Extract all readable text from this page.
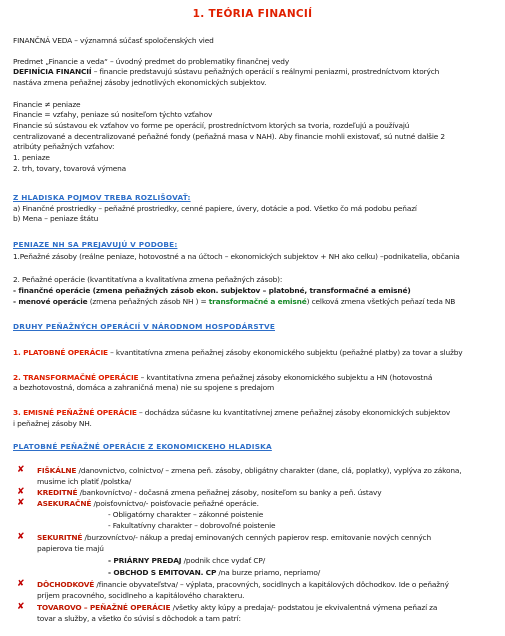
1. TEÓRIA FINANCIÍ
FINANČNÁ VEDA – významná súčasť spoločenských vied
Predmet „Financie a veda“ – úvodný predmet do problematiky finančnej vedy
DEFINÍCIA FINANCIÍ – financie predstavujú sústavu peňažných operácií s reálnymi peniazmi, prostredníctvom ktorých
nastáva zmena peňažnej zásoby jednotlivých ekonomických subjektov.
Financie ≠ peniaze
Financie = vzťahy, peniaze sú nositeľom týchto vzťahov
Financie sú sústavou ek vzťahov vo forme pe operácií, prostredníctvom ktorých sa tvoria, rozdeľujú a používajú
centralizované a decentralizované peňažné fondy (peňažná masa v NAH). Aby financie mohli existovať, sú nutné dalšie 2
atribúty peňažných vzťahov:
1. peniaze
2. trh, tovary, tovarová výmena
Z HLADISKA POJMOV TREBA ROZLIŠOVAŤ:
a) Finančné prostriedky – peňažné prostriedky, cenné papiere, úvery, dotácie a pod. Všetko čo má podobu peňazí
b) Mena – peniaze štátu
PENIAZE NH SA PREJAVUJÚ V PODOBE:
1.Peňažné zásoby (reálne peniaze, hotovostné a na účtoch – ekonomických subjektov + NH ako celku) –podnikatelia, občania
2. Peňažné operácie (kvantitatívna a kvalitatívna zmena peňažných zásob):
- finančné operácie (zmena peňažných zásob ekon. subjektov – platobné, transformačné a emisné)
- menové operácie (zmena peňažných zásob NH ) = transformačné a emisné) celková zmena všetkých peňazí teda NB
DRUHY PEŇAŽNÝCH OPERÁCIÍ V NÁRODNOM HOSPODÁRSTVE
1. PLATOBNÉ OPERÁCIE – kvantitatívna zmena peňažnej zásoby ekonomického subjektu (peňažné platby) za tovar a služby
2. TRANSFORMAČNÉ OPERÁCIE – kvantitatívna zmena peňažnej zásoby ekonomického subjektu a HN (hotovostná
a bezhotovostná, domáca a zahraničná mena) nie su spojene s predajom
3. EMISNÉ PEŇAŽNÉ OPERÁCIE – dochádza súčasne ku kvantitatívnej zmene peňažnej zásoby ekonomických subjektov
i peňažnej zásoby NH.
PLATOBNÉ PEŇAŽNÉ OPERÁCIE Z EKONOMICKEHO HLADISKA
✘ FIŠKÁLNE /danovnictvo, colnictvo/ – zmena peň. zásoby, obligátny charakter (dane, clá, poplatky), vyplýva zo zákona,
musime ich platiť /polstka/
✘ KREDITNÉ /bankovníctvo/ - dočasná zmena peňažnej zásoby, nositeľom su banky a peň. ústavy
✘ ASEKURAČNÉ /poisťovníctvo/- poisťovacie peňažné operácie.
- Obligatórny charakter – zákonné poistenie
- Fakultatívny charakter – dobrovoľné poistenie
✘ SEKURITNÉ /burzovníctvo/- nákup a predaj eminovaných cenných papierov resp. emitovanie nových cenných
papierova tie majú
- PRIÁRNY PREDAJ /podnik chce vydať CP/
- OBCHOD S EMITOVAN. CP /na burze priamo, nepriamo/
✘ DÔCHODKOVÉ /financie obyvateľstva/ – výplata, pracovných, socidlnych a kapitálových dôchodkov. Ide o peňažný
príjem pracovného, socidlneho a kapitálového charakteru.
✘ TOVAROVO – PEŇAŽNÉ OPERÁCIE /všetky akty kúpy a predaja/- podstatou je ekvivalentná výmena peňazí za
tovar a služby, a všetko čo súvisí s dôchodok a tam patrí:
